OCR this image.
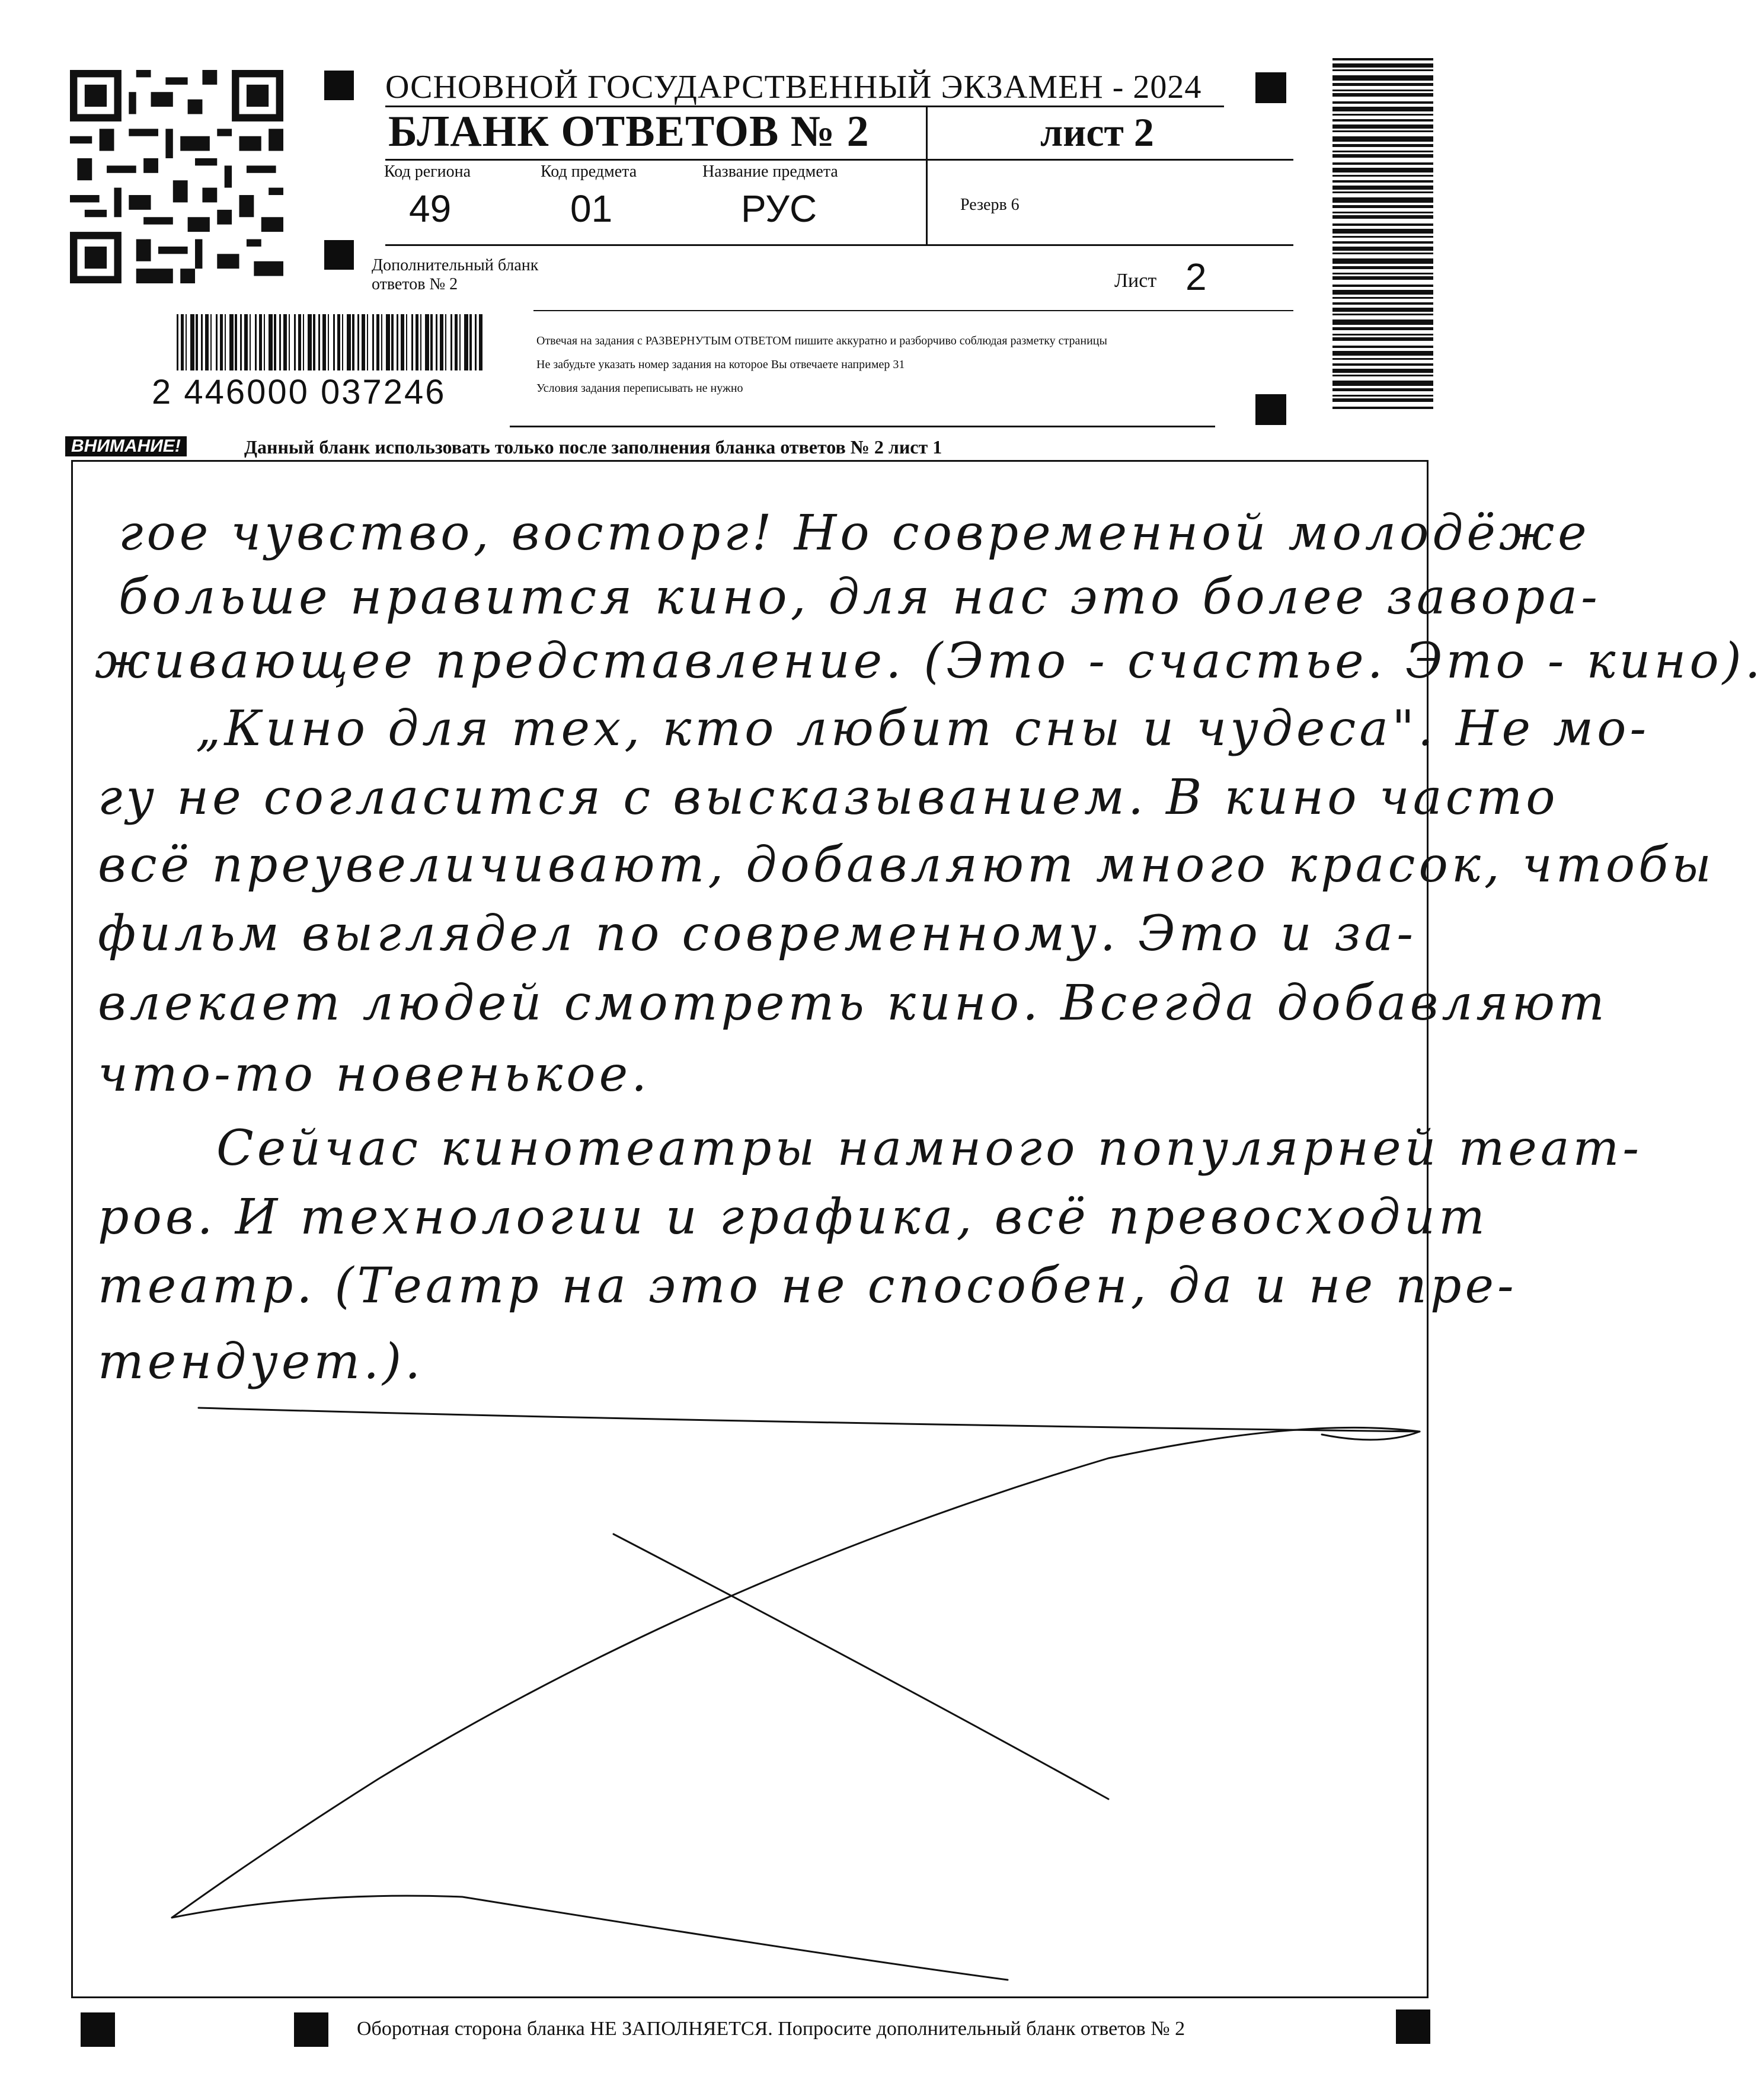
ОСНОВНОЙ ГОСУДАРСТВЕННЫЙ ЭКЗАМЕН - 2024
БЛАНК ОТВЕТОВ № 2	лист 2
Код региона
49
Код предмета
01
Название предмета
РУС	Резерв 6
Дополнительный бланк ответов № 2	Лист 2
2 446000 037246
Отвечая на задания с РАЗВЕРНУТЫМ ОТВЕТОМ пишите аккуратно и разборчиво соблюдая разметку страницы
Не забудьте указать номер задания на которое Вы отвечаете например 31
Условия задания переписывать не нужно
ВНИМАНИЕ!	Данный бланк использовать только после заполнения бланка ответов № 2 лист 1
гое чувство, восторг! Но современной молодёже
больше нравится кино, для нас это более завора-
живающее представление. (Это - счастье. Это - кино).
„Кино для тех, кто любит сны и чудеса". Не мо-
гу не согласится с высказыванием. В кино часто
всё преувеличивают, добавляют много красок, чтобы
фильм выглядел по современному. Это и за-
влекает людей смотреть кино. Всегда добавляют
что-то новенькое.
Сейчас кинотеатры намного популярней теат-
ров. И технологии и графика, всё превосходит
театр. (Театр на это не способен, да и не пре-
тендует.).
Оборотная сторона бланка НЕ ЗАПОЛНЯЕТСЯ. Попросите дополнительный бланк ответов № 2
